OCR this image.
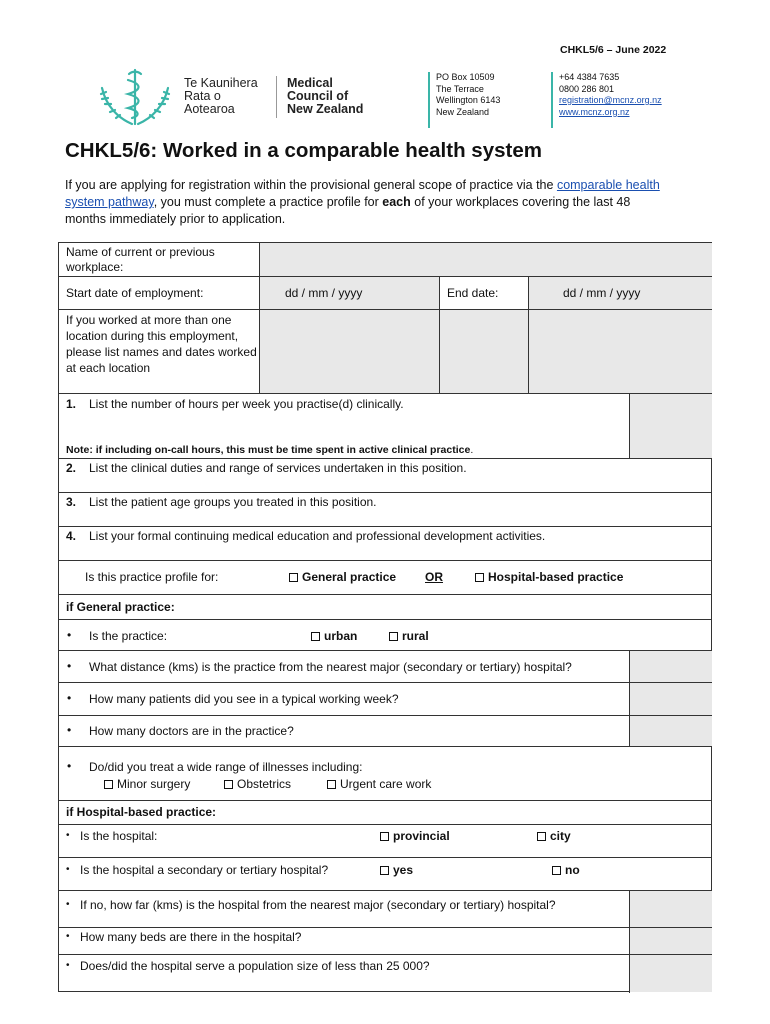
CHKL5/6 – June 2022
Te Kaunihera
Rata o
Aotearoa
Medical
Council of
New Zealand
PO Box 10509
The Terrace
Wellington 6143
New Zealand
+64 4384 7635
0800 286 801
registration@mcnz.org.nz
www.mcnz.org.nz
CHKL5/6: Worked in a comparable health system
If you are applying for registration within the provisional general scope of practice via the comparable health system pathway, you must complete a practice profile for each of your workplaces covering the last 48 months immediately prior to application.
Name of current or previous workplace:
Start date of employment:	dd / mm / yyyy	End date:	dd / mm / yyyy
If you worked at more than one location during this employment, please list names and dates worked at each location
1. List the number of hours per week you practise(d) clinically.
Note: if including on-call hours, this must be time spent in active clinical practice.
2. List the clinical duties and range of services undertaken in this position.
3. List the patient age groups you treated in this position.
4. List your formal continuing medical education and professional development activities.
Is this practice profile for:	General practice OR	Hospital-based practice
if General practice:
• Is the practice:	urban	rural
• What distance (kms) is the practice from the nearest major (secondary or tertiary) hospital?
• How many patients did you see in a typical working week?
• How many doctors are in the practice?
• Do/did you treat a wide range of illnesses including:
Minor surgery	Obstetrics	Urgent care work
if Hospital-based practice:
• Is the hospital:	provincial	city
• Is the hospital a secondary or tertiary hospital?	yes	no
• If no, how far (kms) is the hospital from the nearest major (secondary or tertiary) hospital?
• How many beds are there in the hospital?
• Does/did the hospital serve a population size of less than 25 000?
